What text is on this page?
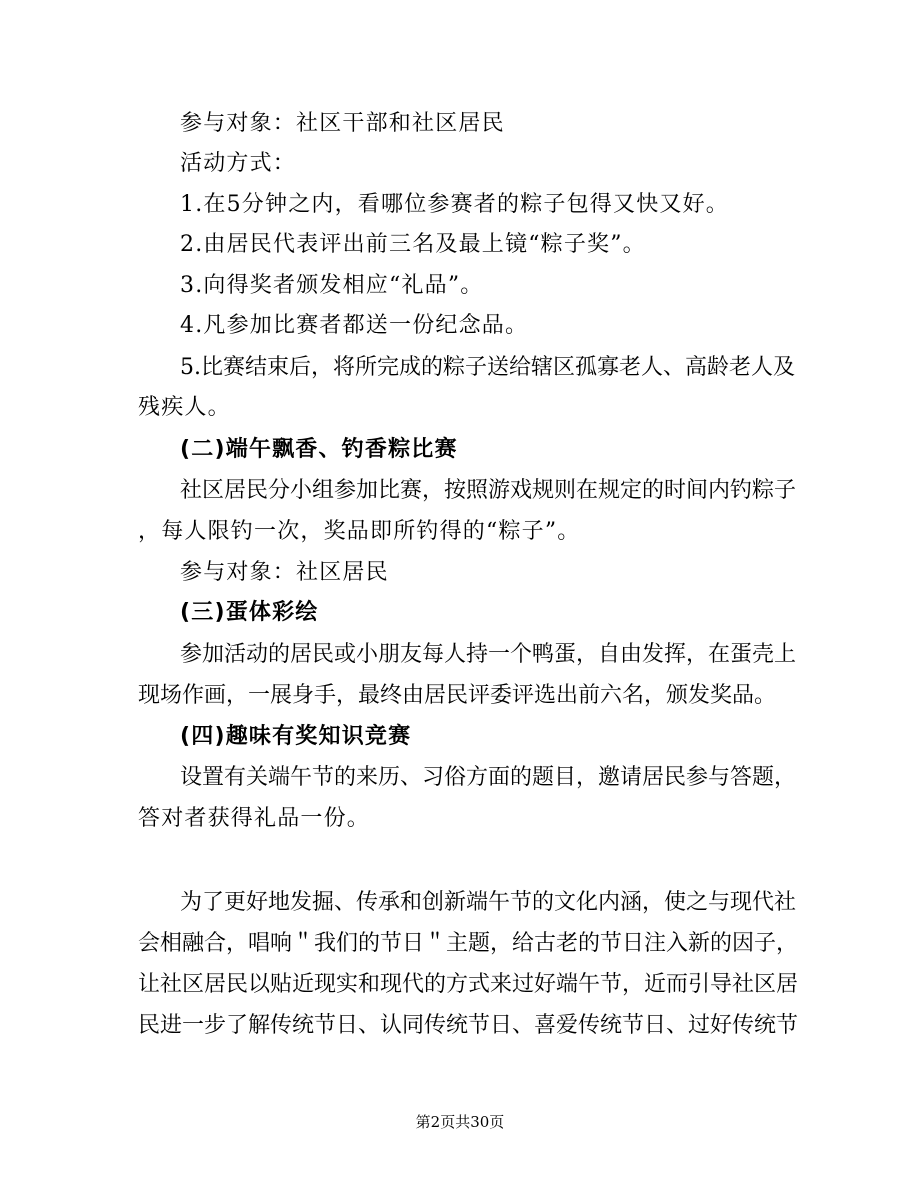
参与对象：社区干部和社区居民
活动方式：
1.在5分钟之内，看哪位参赛者的粽子包得又快又好。
2.由居民代表评出前三名及最上镜“粽子奖”。
3.向得奖者颁发相应“礼品”。
4.凡参加比赛者都送一份纪念品。
5.比赛结束后，将所完成的粽子送给辖区孤寡老人、高龄老人及
残疾人。
(二)端午飘香、钓香粽比赛
社区居民分小组参加比赛，按照游戏规则在规定的时间内钓粽子
，每人限钓一次，奖品即所钓得的“粽子”。
参与对象：社区居民
(三)蛋体彩绘
参加活动的居民或小朋友每人持一个鸭蛋，自由发挥，在蛋壳上
现场作画，一展身手，最终由居民评委评选出前六名，颁发奖品。
(四)趣味有奖知识竞赛
设置有关端午节的来历、习俗方面的题目，邀请居民参与答题，
答对者获得礼品一份。
为了更好地发掘、传承和创新端午节的文化内涵，使之与现代社
会相融合，唱响＂我们的节日＂主题，给古老的节日注入新的因子，
让社区居民以贴近现实和现代的方式来过好端午节，近而引导社区居
民进一步了解传统节日、认同传统节日、喜爱传统节日、过好传统节
第2页共30页
